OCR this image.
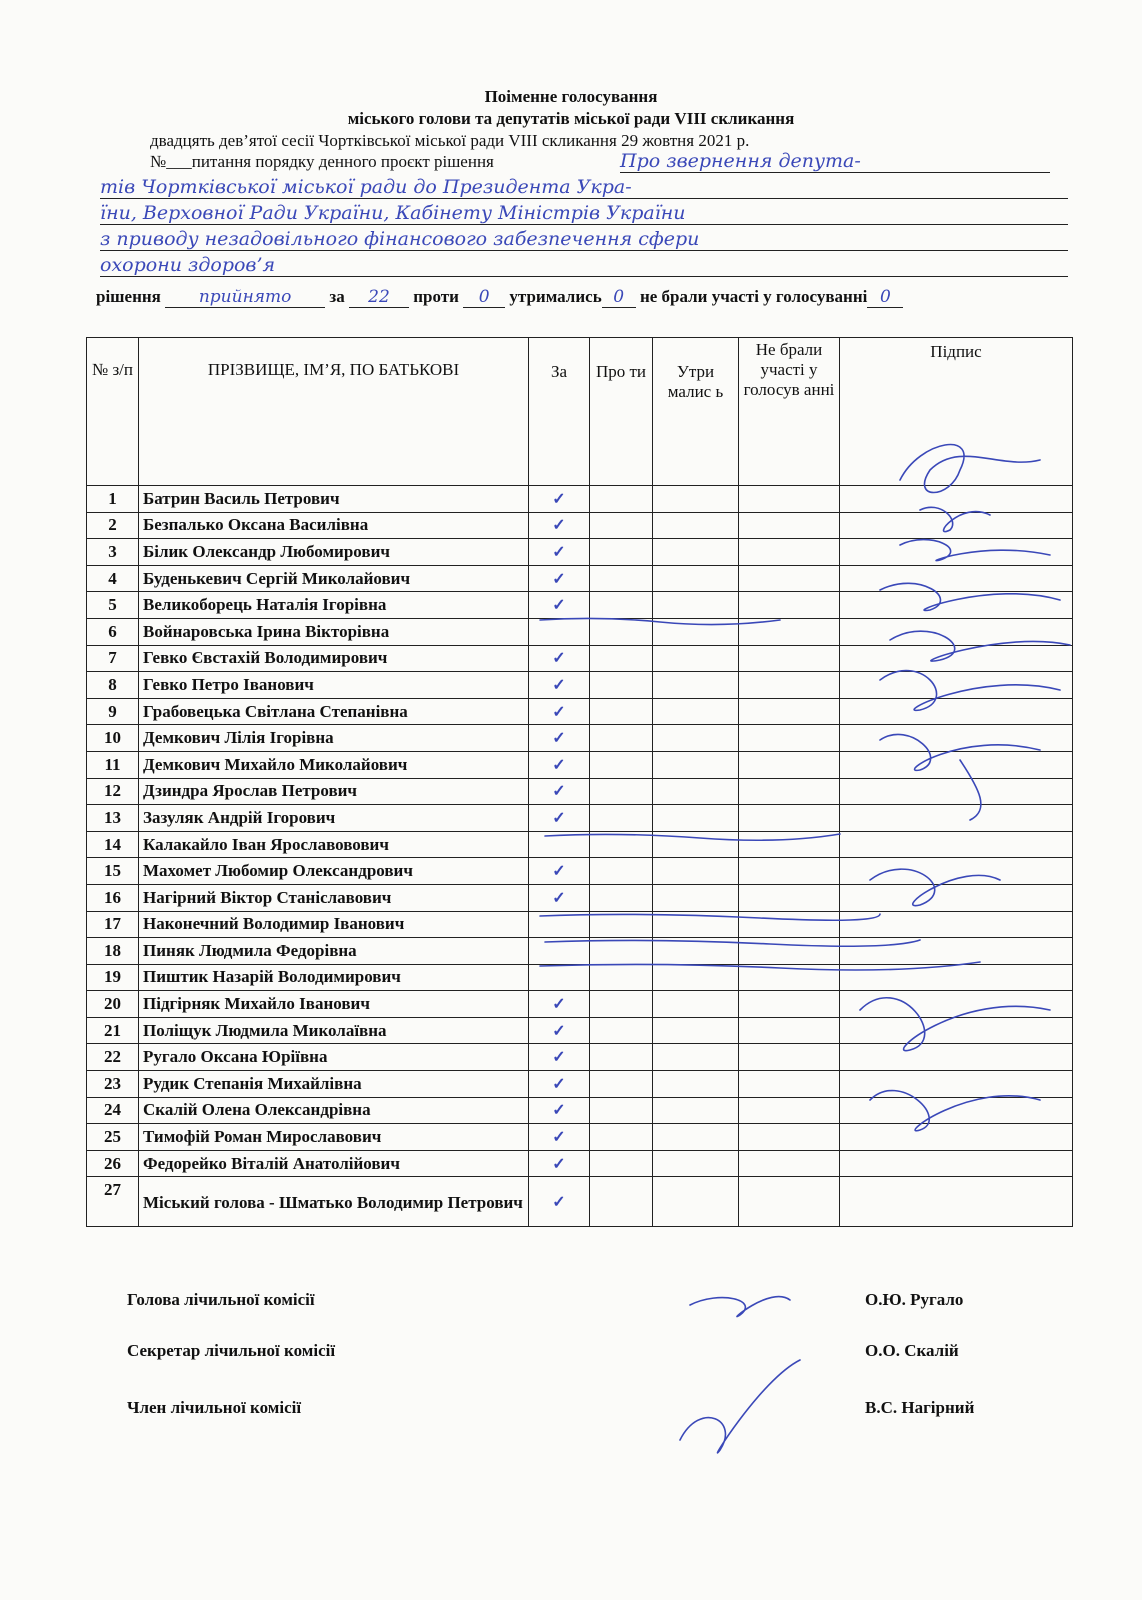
Поіменне голосування
міського голови та депутатів міської ради VIII скликання
двадцять дев’ятої сесії Чортківської міської ради VIII скликання 29 жовтня 2021 р.
№___питання порядку денного проєкт рішення	Про звернення депута-
тів Чортківської міської ради до Президента Укра-
їни, Верховної Ради України, Кабінету Міністрів України
з приводу незадовільного фінансового забезпечення сфери
охорони здоров’я
рішення прийнято за 22 проти 0 утримались 0 не брали участі у голосуванні 0
№ з/п	ПРІЗВИЩЕ, ІМ’Я, ПО БАТЬКОВІ	За	Про ти	Утри малис ь	Не брали участі у голосув анні	Підпис
1	Батрин Василь Петрович	✓				
2	Безпалько Оксана Василівна	✓				
3	Білик Олександр Любомирович	✓				
4	Буденькевич Сергій Миколайович	✓				
5	Великоборець Наталія Ігорівна	✓				
6	Войнаровська Ірина Вікторівна					
7	Гевко Євстахій Володимирович	✓				
8	Гевко Петро Іванович	✓				
9	Грабовецька Світлана Степанівна	✓				
10	Демкович Лілія Ігорівна	✓				
11	Демкович Михайло Миколайович	✓				
12	Дзиндра Ярослав Петрович	✓				
13	Зазуляк Андрій Ігорович	✓				
14	Калакайло Іван Ярославовович					
15	Махомет Любомир Олександрович	✓				
16	Нагірний Віктор Станіславович	✓				
17	Наконечний Володимир Іванович					
18	Пиняк Людмила Федорівна					
19	Пиштик Назарій Володимирович					
20	Підгірняк Михайло Іванович	✓				
21	Поліщук Людмила Миколаївна	✓				
22	Ругало Оксана Юріївна	✓				
23	Рудик Степанія Михайлівна	✓				
24	Скалій Олена Олександрівна	✓				
25	Тимофій Роман Мирославович	✓				
26	Федорейко Віталій Анатолійович	✓				
27	Міський голова - Шматько Володимир Петрович	✓				
Голова лічильної комісії	О.Ю. Ругало
Секретар лічильної комісії	О.О. Скалій
Член лічильної комісії	В.С. Нагірний
